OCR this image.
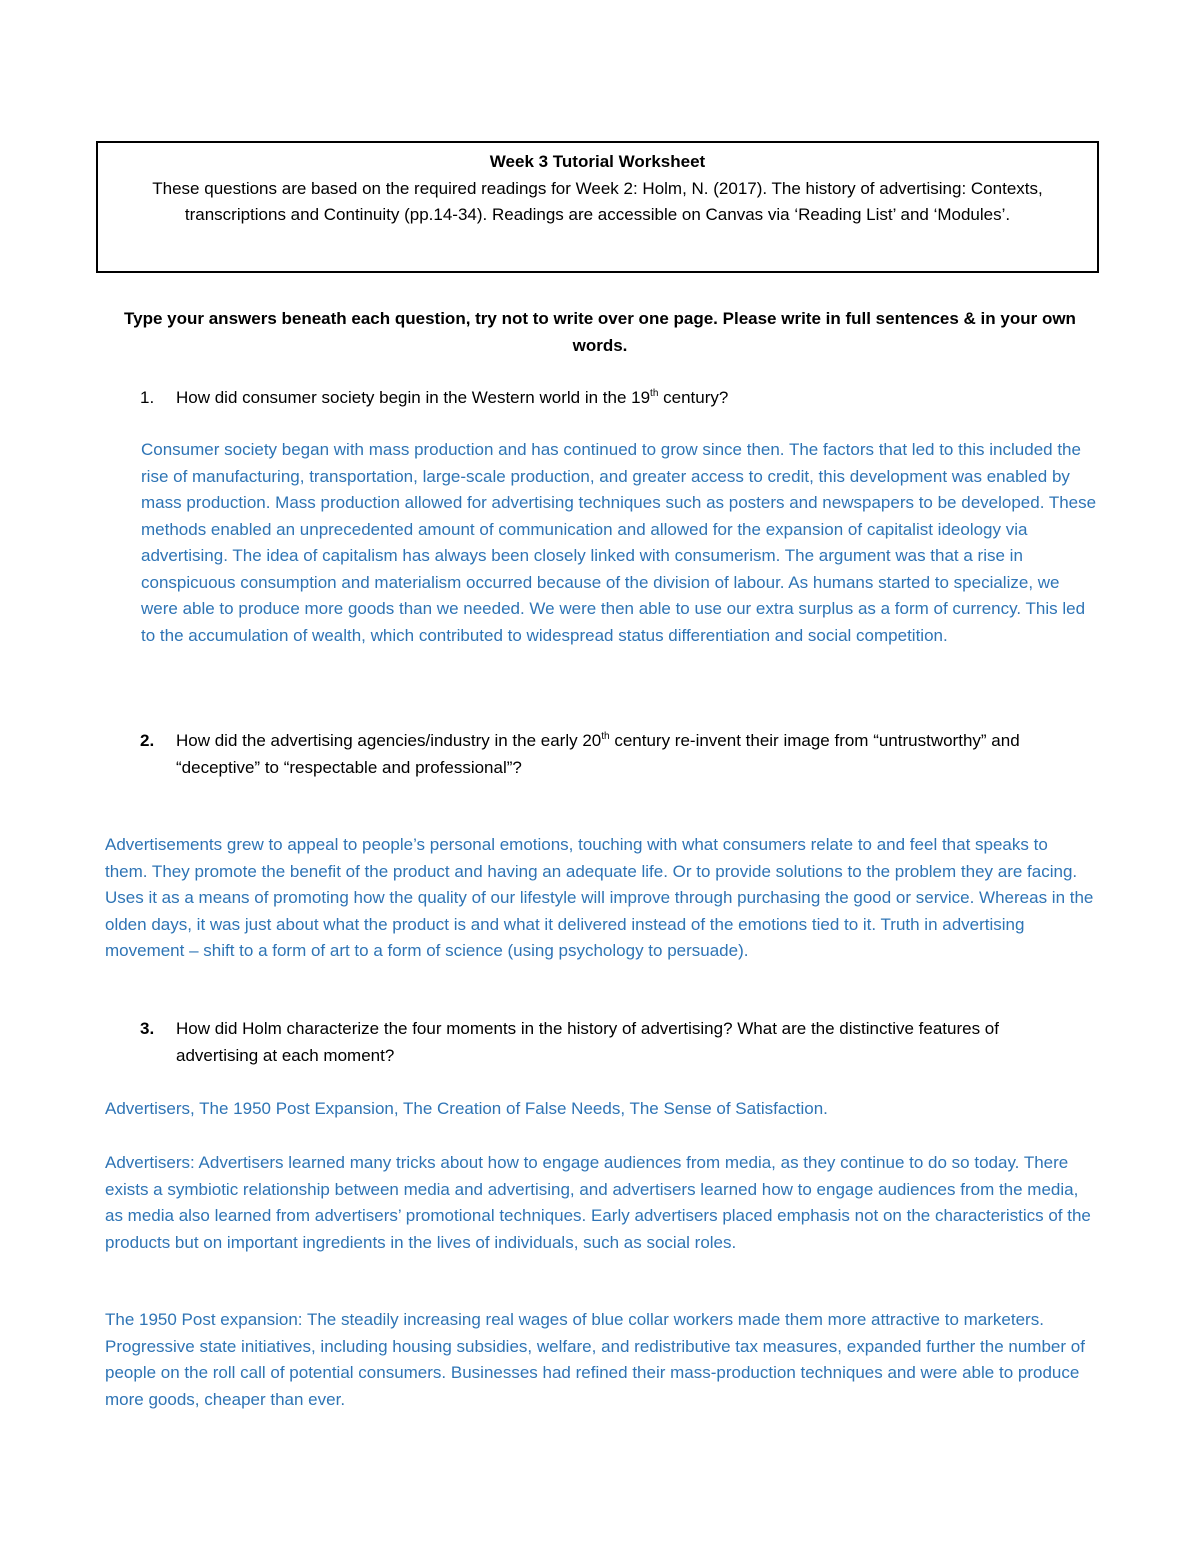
Week 3 Tutorial Worksheet
These questions are based on the required readings for Week 2: Holm, N. (2017). The history of advertising: Contexts, transcriptions and Continuity (pp.14-34). Readings are accessible on Canvas via ‘Reading List’ and ‘Modules’.
Type your answers beneath each question, try not to write over one page. Please write in full sentences & in your own words.
1. How did consumer society begin in the Western world in the 19th century?

Consumer society began with mass production and has continued to grow since then. The factors that led to this included the rise of manufacturing, transportation, large-scale production, and greater access to credit, this development was enabled by mass production. Mass production allowed for advertising techniques such as posters and newspapers to be developed. These methods enabled an unprecedented amount of communication and allowed for the expansion of capitalist ideology via advertising. The idea of capitalism has always been closely linked with consumerism. The argument was that a rise in conspicuous consumption and materialism occurred because of the division of labour. As humans started to specialize, we were able to produce more goods than we needed. We were then able to use our extra surplus as a form of currency. This led to the accumulation of wealth, which contributed to widespread status differentiation and social competition.

2. How did the advertising agencies/industry in the early 20th century re-invent their image from “untrustworthy” and “deceptive” to “respectable and professional”?

Advertisements grew to appeal to people’s personal emotions, touching with what consumers relate to and feel that speaks to them. They promote the benefit of the product and having an adequate life. Or to provide solutions to the problem they are facing. Uses it as a means of promoting how the quality of our lifestyle will improve through purchasing the good or service. Whereas in the olden days, it was just about what the product is and what it delivered instead of the emotions tied to it. Truth in advertising movement – shift to a form of art to a form of science (using psychology to persuade).

3. How did Holm characterize the four moments in the history of advertising? What are the distinctive features of advertising at each moment?

Advertisers, The 1950 Post Expansion, The Creation of False Needs, The Sense of Satisfaction.

Advertisers: Advertisers learned many tricks about how to engage audiences from media, as they continue to do so today. There exists a symbiotic relationship between media and advertising, and advertisers learned how to engage audiences from the media, as media also learned from advertisers’ promotional techniques. Early advertisers placed emphasis not on the characteristics of the products but on important ingredients in the lives of individuals, such as social roles.

The 1950 Post expansion: The steadily increasing real wages of blue collar workers made them more attractive to marketers. Progressive state initiatives, including housing subsidies, welfare, and redistributive tax measures, expanded further the number of people on the roll call of potential consumers. Businesses had refined their mass-production techniques and were able to produce more goods, cheaper than ever.
